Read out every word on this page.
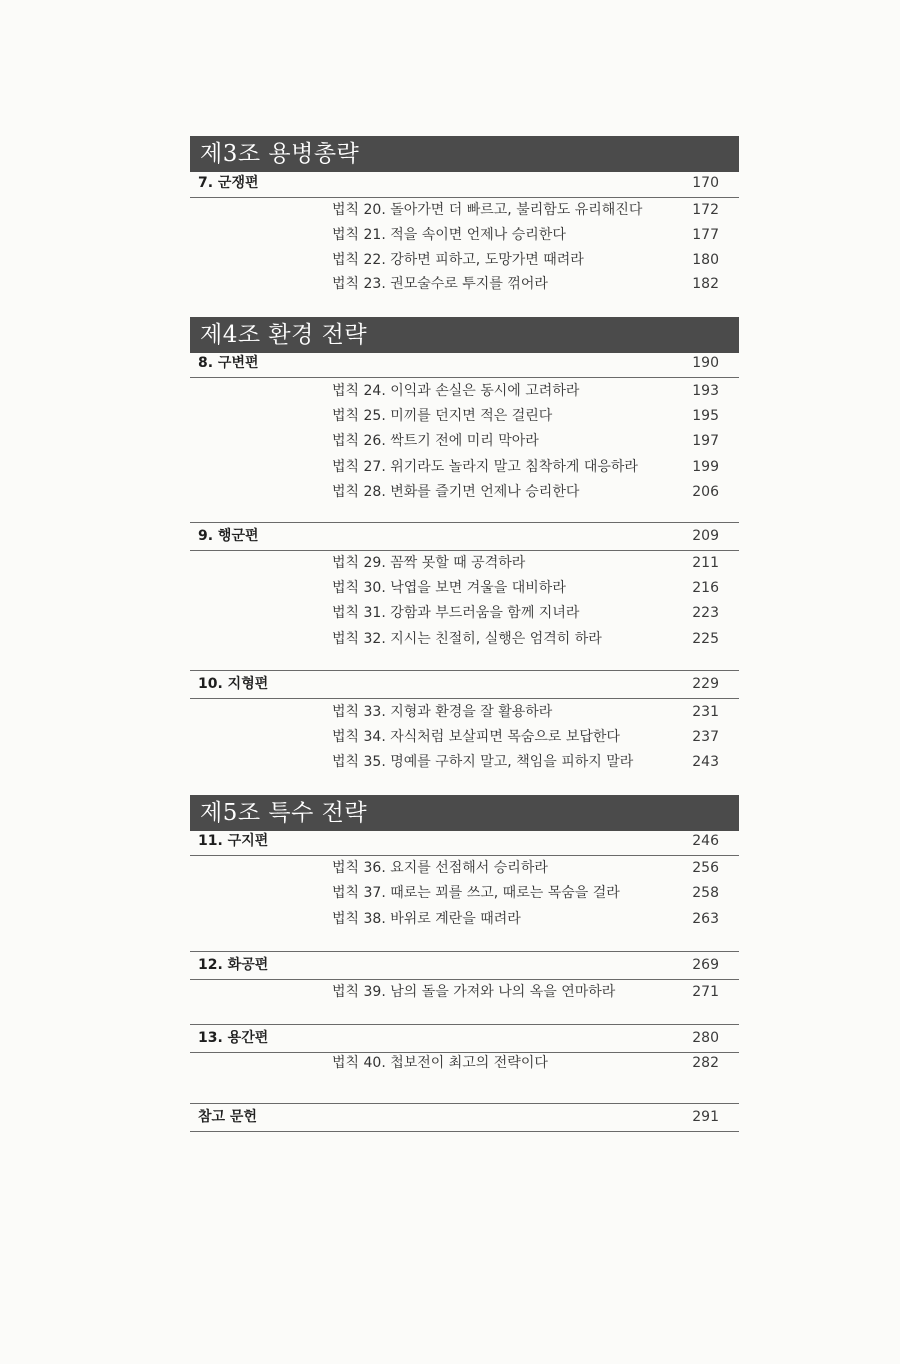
제3조 용병총략
7. 군쟁편	170
법칙 20. 돌아가면 더 빠르고, 불리함도 유리해진다	172
법칙 21. 적을 속이면 언제나 승리한다	177
법칙 22. 강하면 피하고, 도망가면 때려라	180
법칙 23. 권모술수로 투지를 꺾어라	182
제4조 환경 전략
8. 구변편	190
법칙 24. 이익과 손실은 동시에 고려하라	193
법칙 25. 미끼를 던지면 적은 걸린다	195
법칙 26. 싹트기 전에 미리 막아라	197
법칙 27. 위기라도 놀라지 말고 침착하게 대응하라	199
법칙 28. 변화를 즐기면 언제나 승리한다	206
9. 행군편	209
법칙 29. 꼼짝 못할 때 공격하라	211
법칙 30. 낙엽을 보면 겨울을 대비하라	216
법칙 31. 강함과 부드러움을 함께 지녀라	223
법칙 32. 지시는 친절히, 실행은 엄격히 하라	225
10. 지형편	229
법칙 33. 지형과 환경을 잘 활용하라	231
법칙 34. 자식처럼 보살피면 목숨으로 보답한다	237
법칙 35. 명예를 구하지 말고, 책임을 피하지 말라	243
제5조 특수 전략
11. 구지편	246
법칙 36. 요지를 선점해서 승리하라	256
법칙 37. 때로는 꾀를 쓰고, 때로는 목숨을 걸라	258
법칙 38. 바위로 계란을 때려라	263
12. 화공편	269
법칙 39. 남의 돌을 가져와 나의 옥을 연마하라	271
13. 용간편	280
법칙 40. 첩보전이 최고의 전략이다	282
참고 문헌	291
